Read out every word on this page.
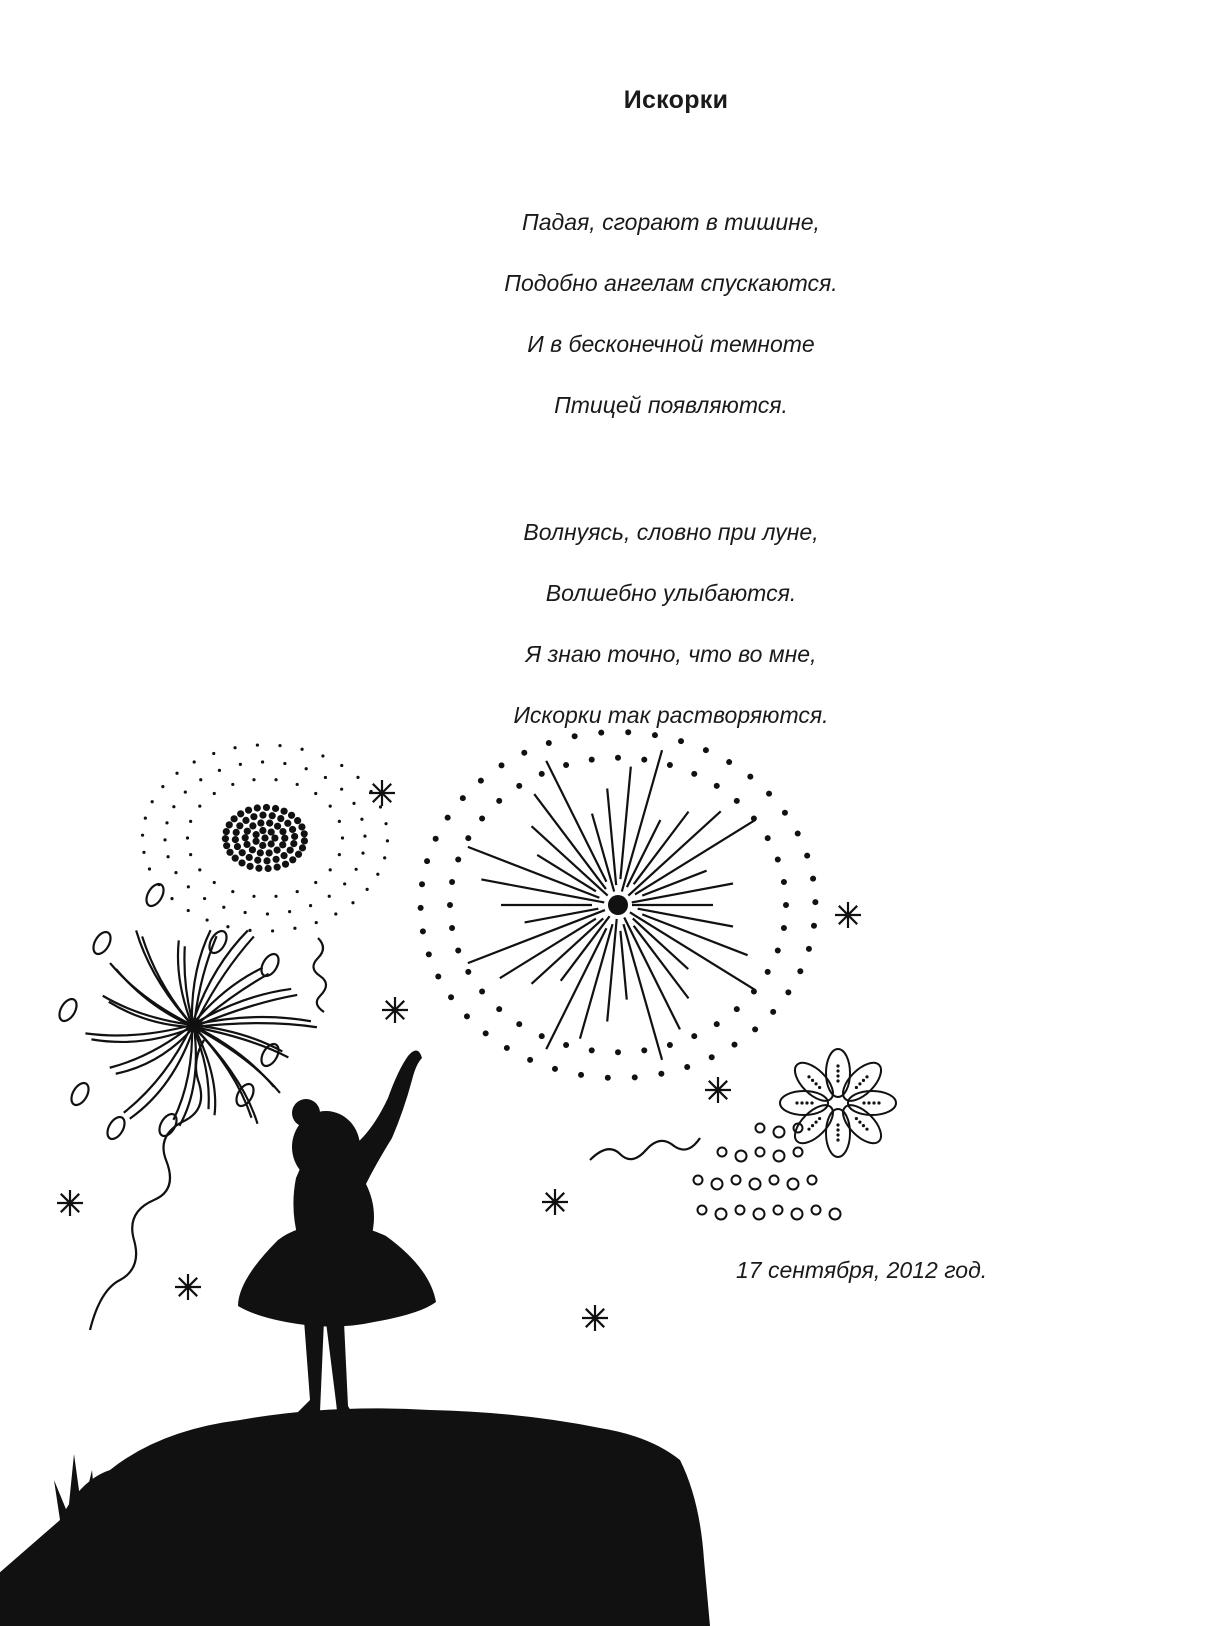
Искорки
Падая, сгорают в тишине,
Подобно ангелам спускаются.
И в бесконечной темноте
Птицей появляются.
Волнуясь, словно при луне,
Волшебно улыбаются.
Я знаю точно, что во мне,
Искорки так растворяются.
17 сентября, 2012 год.
